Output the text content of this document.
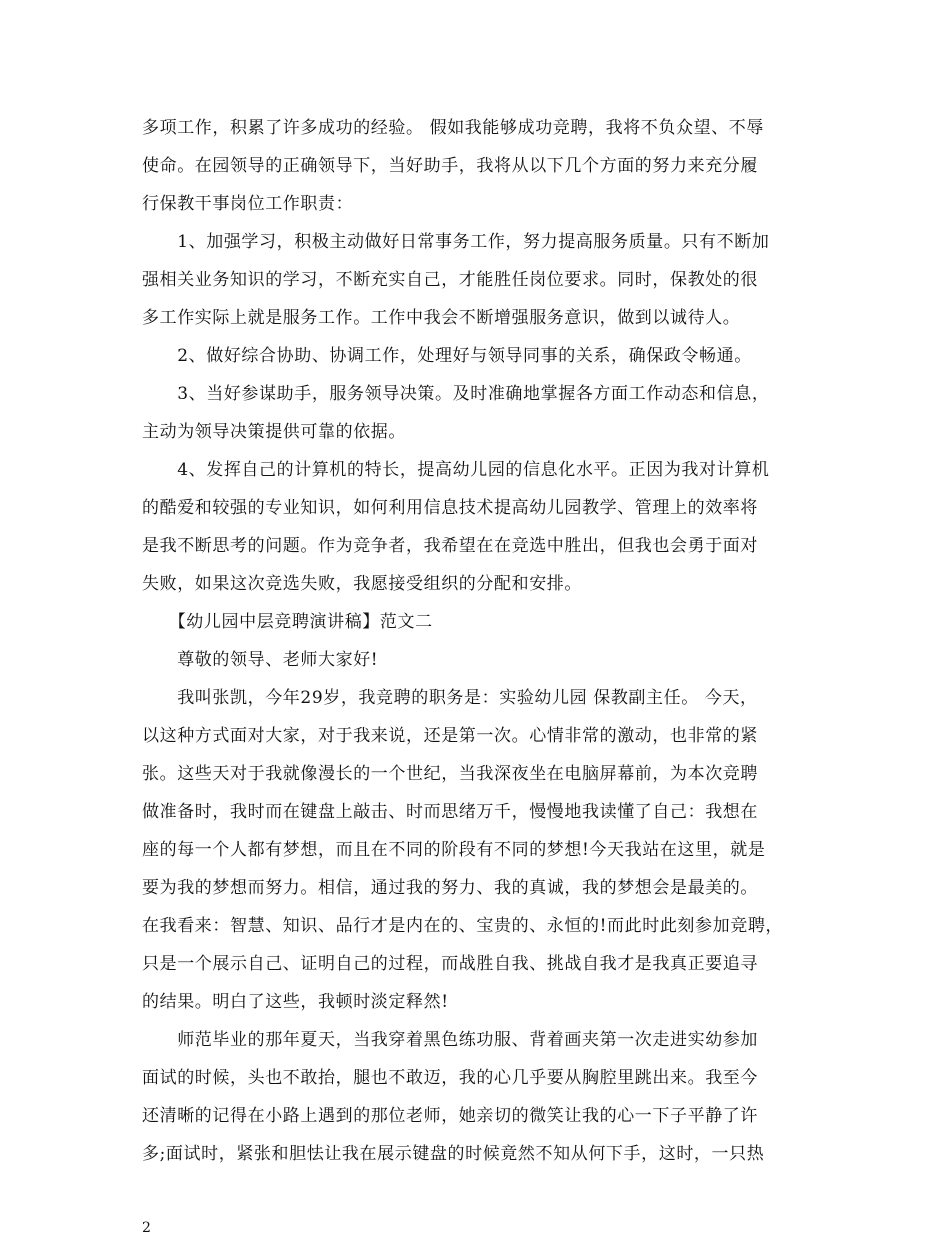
多项工作，积累了许多成功的经验。 假如我能够成功竞聘，我将不负众望、不辱
使命。在园领导的正确领导下，当好助手，我将从以下几个方面的努力来充分履
行保教干事岗位工作职责：
　　1、加强学习，积极主动做好日常事务工作，努力提高服务质量。只有不断加
强相关业务知识的学习，不断充实自己，才能胜任岗位要求。同时，保教处的很
多工作实际上就是服务工作。工作中我会不断增强服务意识，做到以诚待人。
　　2、做好综合协助、协调工作，处理好与领导同事的关系，确保政令畅通。
　　3、当好参谋助手，服务领导决策。及时准确地掌握各方面工作动态和信息，
主动为领导决策提供可靠的依据。
　　4、发挥自己的计算机的特长，提高幼儿园的信息化水平。正因为我对计算机
的酷爱和较强的专业知识，如何利用信息技术提高幼儿园教学、管理上的效率将
是我不断思考的问题。作为竞争者，我希望在在竞选中胜出，但我也会勇于面对
失败，如果这次竞选失败，我愿接受组织的分配和安排。
　　【幼儿园中层竞聘演讲稿】范文二
　　尊敬的领导、老师大家好!
　　我叫张凯，今年29岁，我竞聘的职务是：实验幼儿园 保教副主任。 今天，
以这种方式面对大家，对于我来说，还是第一次。心情非常的激动，也非常的紧
张。这些天对于我就像漫长的一个世纪，当我深夜坐在电脑屏幕前，为本次竞聘
做准备时，我时而在键盘上敲击、时而思绪万千，慢慢地我读懂了自己：我想在
座的每一个人都有梦想，而且在不同的阶段有不同的梦想!今天我站在这里，就是
要为我的梦想而努力。相信，通过我的努力、我的真诚，我的梦想会是最美的。
在我看来：智慧、知识、品行才是内在的、宝贵的、永恒的!而此时此刻参加竞聘，
只是一个展示自己、证明自己的过程，而战胜自我、挑战自我才是我真正要追寻
的结果。明白了这些，我顿时淡定释然!
　　师范毕业的那年夏天，当我穿着黑色练功服、背着画夹第一次走进实幼参加
面试的时候，头也不敢抬，腿也不敢迈，我的心几乎要从胸腔里跳出来。我至今
还清晰的记得在小路上遇到的那位老师，她亲切的微笑让我的心一下子平静了许
多;面试时，紧张和胆怯让我在展示键盘的时候竟然不知从何下手，这时，一只热
2
